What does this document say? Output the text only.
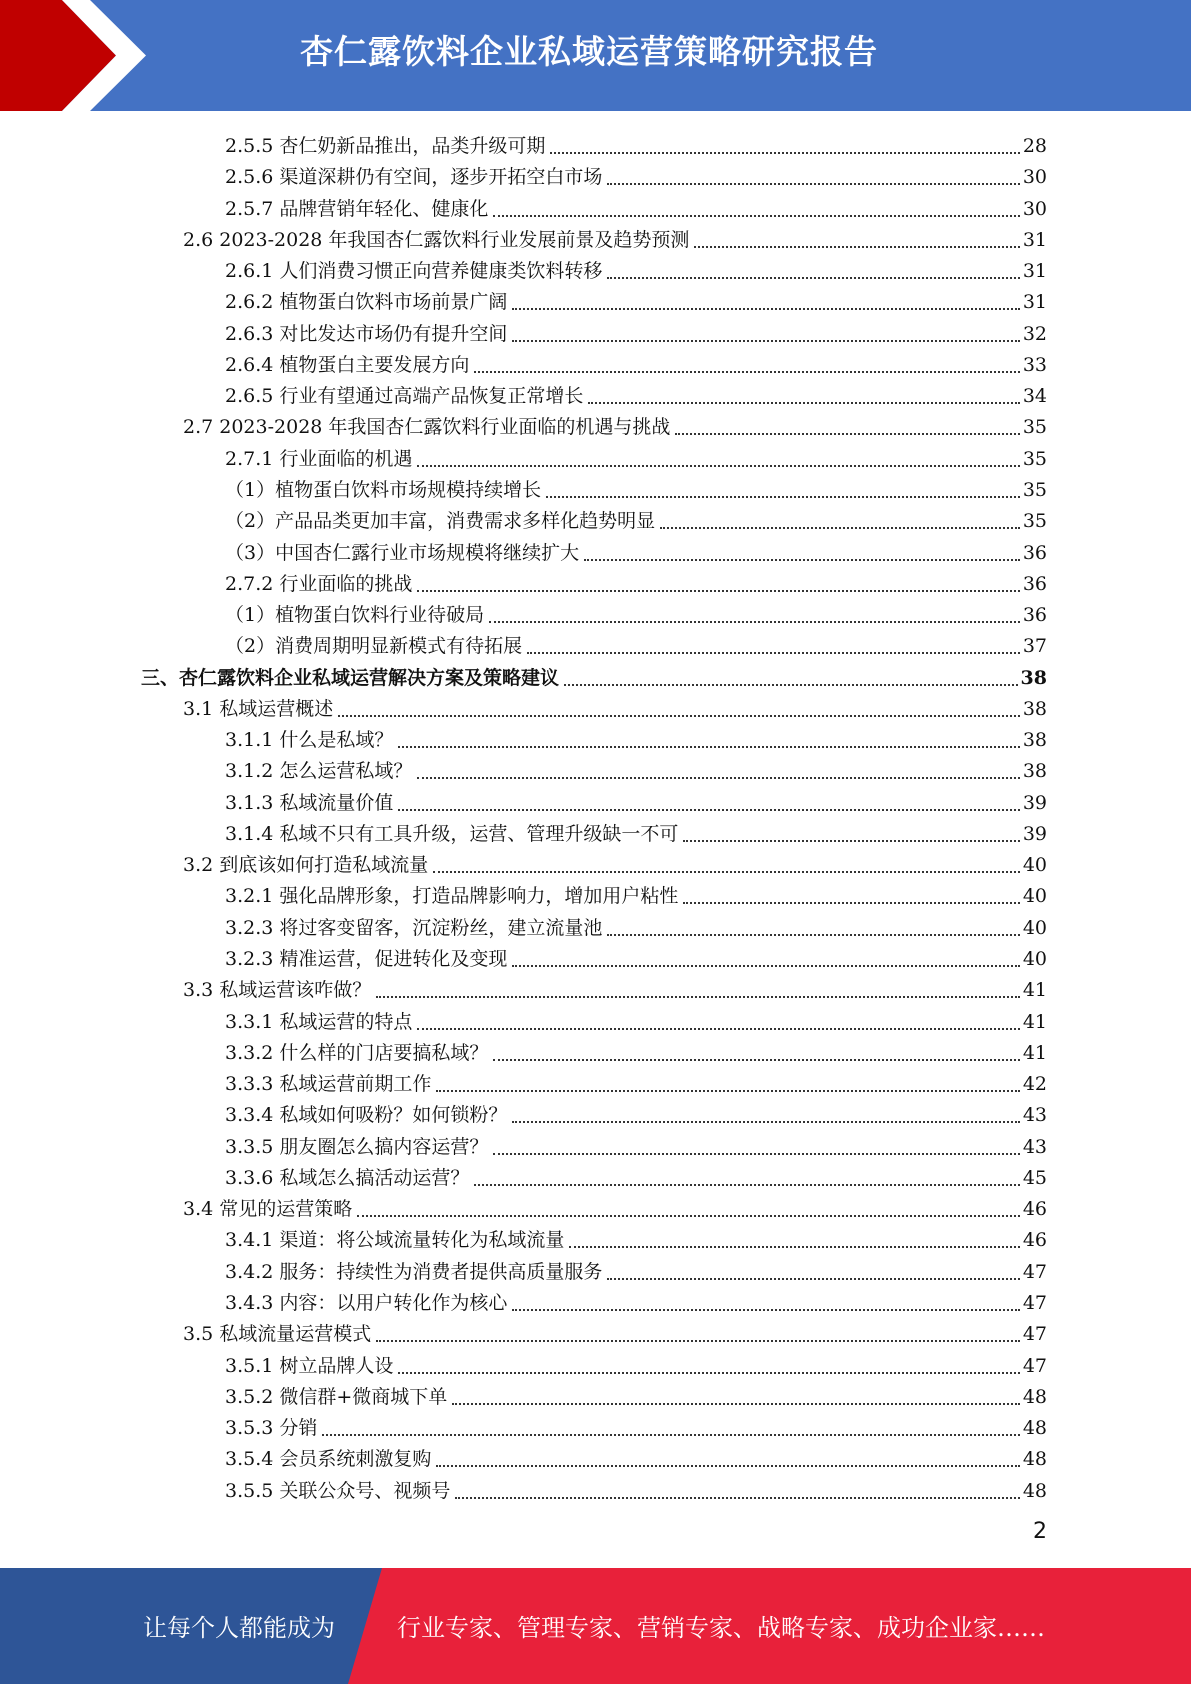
杏仁露饮料企业私域运营策略研究报告
2.5.5 杏仁奶新品推出，品类升级可期	28
2.5.6 渠道深耕仍有空间，逐步开拓空白市场	30
2.5.7 品牌营销年轻化、健康化	30
2.6 2023-2028 年我国杏仁露饮料行业发展前景及趋势预测	31
2.6.1 人们消费习惯正向营养健康类饮料转移	31
2.6.2 植物蛋白饮料市场前景广阔	31
2.6.3 对比发达市场仍有提升空间	32
2.6.4 植物蛋白主要发展方向	33
2.6.5 行业有望通过高端产品恢复正常增长	34
2.7 2023-2028 年我国杏仁露饮料行业面临的机遇与挑战	35
2.7.1 行业面临的机遇	35
（1）植物蛋白饮料市场规模持续增长	35
（2）产品品类更加丰富，消费需求多样化趋势明显	35
（3）中国杏仁露行业市场规模将继续扩大	36
2.7.2 行业面临的挑战	36
（1）植物蛋白饮料行业待破局	36
（2）消费周期明显新模式有待拓展	37
三、杏仁露饮料企业私域运营解决方案及策略建议	38
3.1 私域运营概述	38
3.1.1 什么是私域？	38
3.1.2 怎么运营私域？	38
3.1.3 私域流量价值	39
3.1.4 私域不只有工具升级，运营、管理升级缺一不可	39
3.2 到底该如何打造私域流量	40
3.2.1 强化品牌形象，打造品牌影响力，增加用户粘性	40
3.2.3 将过客变留客，沉淀粉丝，建立流量池	40
3.2.3 精准运营，促进转化及变现	40
3.3 私域运营该咋做？	41
3.3.1 私域运营的特点	41
3.3.2 什么样的门店要搞私域？	41
3.3.3 私域运营前期工作	42
3.3.4 私域如何吸粉？如何锁粉？	43
3.3.5 朋友圈怎么搞内容运营？	43
3.3.6 私域怎么搞活动运营？	45
3.4 常见的运营策略	46
3.4.1 渠道：将公域流量转化为私域流量	46
3.4.2 服务：持续性为消费者提供高质量服务	47
3.4.3 内容：以用户转化作为核心	47
3.5 私域流量运营模式	47
3.5.1 树立品牌人设	47
3.5.2 微信群+微商城下单	48
3.5.3 分销	48
3.5.4 会员系统刺激复购	48
3.5.5 关联公众号、视频号	48
2
让每个人都能成为	行业专家、管理专家、营销专家、战略专家、成功企业家……
